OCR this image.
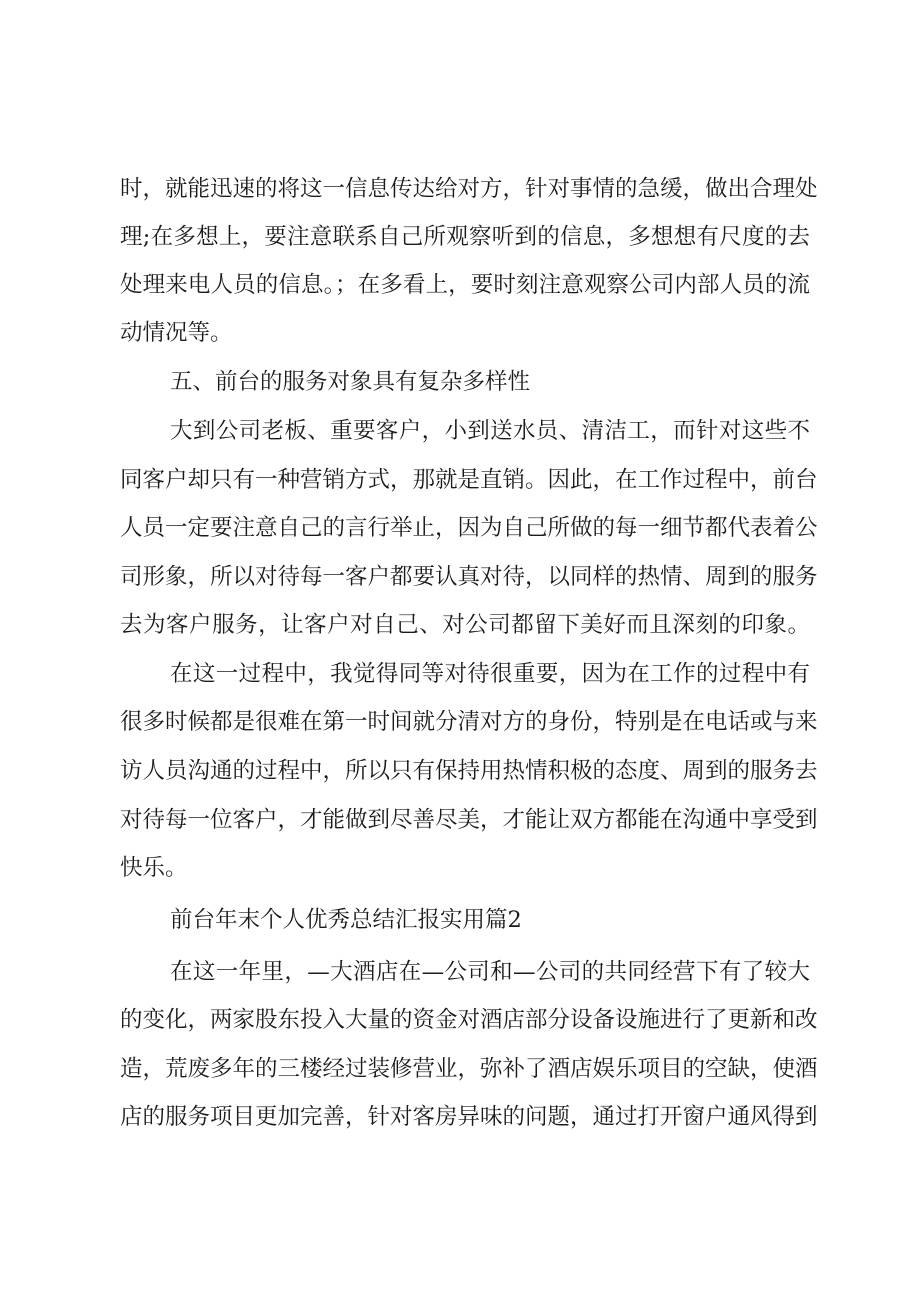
时，就能迅速的将这一信息传达给对方，针对事情的急缓，做出合理处
理;在多想上，要注意联系自己所观察听到的信息，多想想有尺度的去
处理来电人员的信息。；在多看上，要时刻注意观察公司内部人员的流
动情况等。
五、前台的服务对象具有复杂多样性
大到公司老板、重要客户，小到送水员、清洁工，而针对这些不
同客户却只有一种营销方式，那就是直销。因此，在工作过程中，前台
人员一定要注意自己的言行举止，因为自己所做的每一细节都代表着公
司形象，所以对待每一客户都要认真对待，以同样的热情、周到的服务
去为客户服务，让客户对自己、对公司都留下美好而且深刻的印象。
在这一过程中，我觉得同等对待很重要，因为在工作的过程中有
很多时候都是很难在第一时间就分清对方的身份，特别是在电话或与来
访人员沟通的过程中，所以只有保持用热情积极的态度、周到的服务去
对待每一位客户，才能做到尽善尽美，才能让双方都能在沟通中享受到
快乐。
前台年末个人优秀总结汇报实用篇2
在这一年里，—大酒店在—公司和—公司的共同经营下有了较大
的变化，两家股东投入大量的资金对酒店部分设备设施进行了更新和改
造，荒废多年的三楼经过装修营业，弥补了酒店娱乐项目的空缺，使酒
店的服务项目更加完善，针对客房异味的问题，通过打开窗户通风得到
